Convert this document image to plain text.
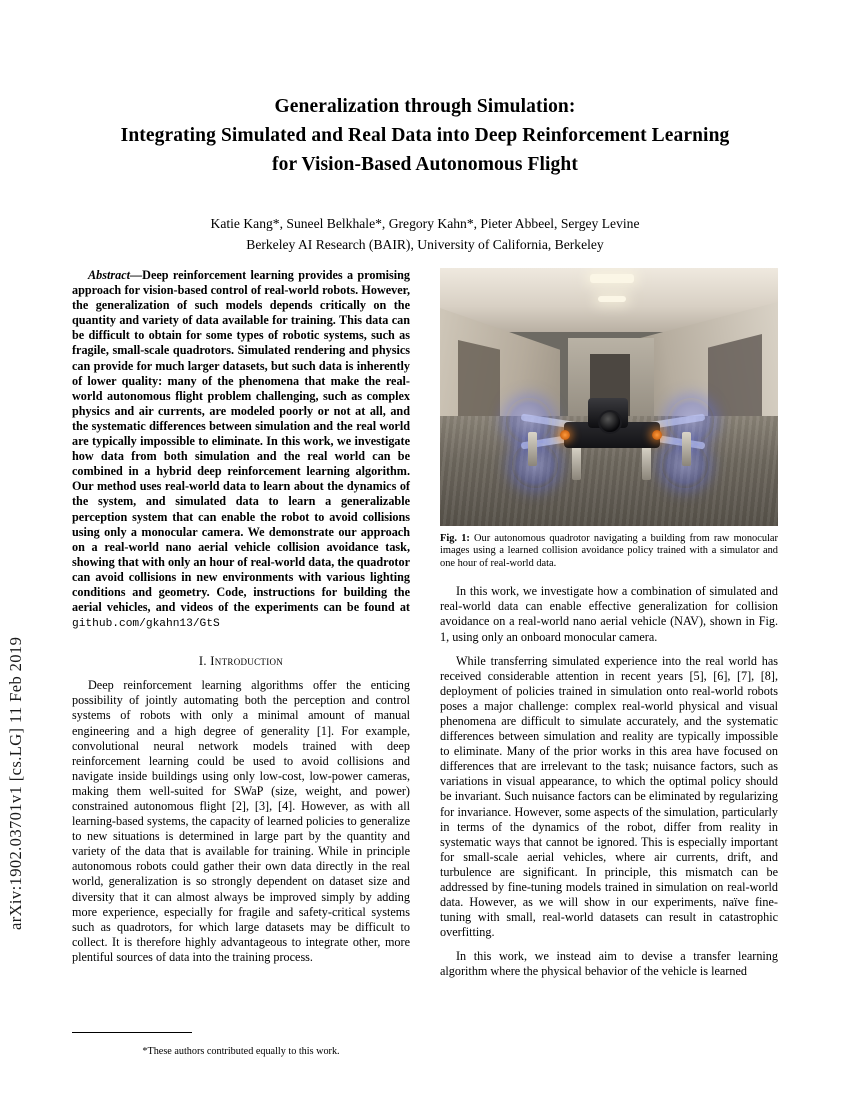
arXiv:1902.03701v1 [cs.LG] 11 Feb 2019
Generalization through Simulation:
Integrating Simulated and Real Data into Deep Reinforcement Learning
for Vision-Based Autonomous Flight
Katie Kang*, Suneel Belkhale*, Gregory Kahn*, Pieter Abbeel, Sergey Levine
Berkeley AI Research (BAIR), University of California, Berkeley

Abstract—Deep reinforcement learning provides a promising approach for vision-based control of real-world robots. However, the generalization of such models depends critically on the quantity and variety of data available for training. This data can be difficult to obtain for some types of robotic systems, such as fragile, small-scale quadrotors. Simulated rendering and physics can provide for much larger datasets, but such data is inherently of lower quality: many of the phenomena that make the real-world autonomous flight problem challenging, such as complex physics and air currents, are modeled poorly or not at all, and the systematic differences between simulation and the real world are typically impossible to eliminate. In this work, we investigate how data from both simulation and the real world can be combined in a hybrid deep reinforcement learning algorithm. Our method uses real-world data to learn about the dynamics of the system, and simulated data to learn a generalizable perception system that can enable the robot to avoid collisions using only a monocular camera. We demonstrate our approach on a real-world nano aerial vehicle collision avoidance task, showing that with only an hour of real-world data, the quadrotor can avoid collisions in new environments with various lighting conditions and geometry. Code, instructions for building the aerial vehicles, and videos of the experiments can be found at github.com/gkahn13/GtS

I. Introduction

Deep reinforcement learning algorithms offer the enticing possibility of jointly automating both the perception and control systems of robots with only a minimal amount of manual engineering and a high degree of generality [1]. For example, convolutional neural network models trained with deep reinforcement learning could be used to avoid collisions and navigate inside buildings using only low-cost, low-power cameras, making them well-suited for SWaP (size, weight, and power) constrained autonomous flight [2], [3], [4]. However, as with all learning-based systems, the capacity of learned policies to generalize to new situations is determined in large part by the quantity and variety of the data that is available for training. While in principle autonomous robots could gather their own data directly in the real world, generalization is so strongly dependent on dataset size and diversity that it can almost always be improved simply by adding more experience, especially for fragile and safety-critical systems such as quadrotors, for which large datasets may be difficult to collect. It is therefore highly advantageous to integrate other, more plentiful sources of data into the training process.

Fig. 1: Our autonomous quadrotor navigating a building from raw monocular images using a learned collision avoidance policy trained with a simulator and one hour of real-world data.

In this work, we investigate how a combination of simulated and real-world data can enable effective generalization for collision avoidance on a real-world nano aerial vehicle (NAV), shown in Fig. 1, using only an onboard monocular camera.

While transferring simulated experience into the real world has received considerable attention in recent years [5], [6], [7], [8], deployment of policies trained in simulation onto real-world robots poses a major challenge: complex real-world physical and visual phenomena are difficult to simulate accurately, and the systematic differences between simulation and reality are typically impossible to eliminate. Many of the prior works in this area have focused on differences that are irrelevant to the task; nuisance factors, such as variations in visual appearance, to which the optimal policy should be invariant. Such nuisance factors can be eliminated by regularizing for invariance. However, some aspects of the simulation, particularly in terms of the dynamics of the robot, differ from reality in systematic ways that cannot be ignored. This is especially important for small-scale aerial vehicles, where air currents, drift, and turbulence are significant. In principle, this mismatch can be addressed by fine-tuning models trained in simulation on real-world data. However, as we will show in our experiments, naïve fine-tuning with small, real-world datasets can result in catastrophic overfitting.

In this work, we instead aim to devise a transfer learning algorithm where the physical behavior of the vehicle is learned

*These authors contributed equally to this work.
